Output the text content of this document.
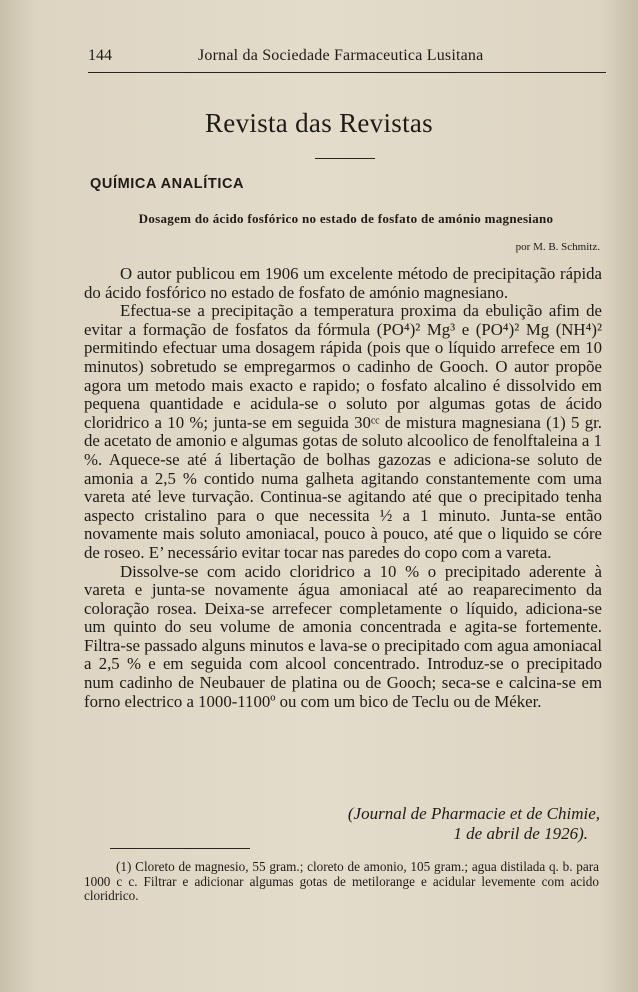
144	Jornal da Sociedade Farmaceutica Lusitana
Revista das Revistas
QUÍMICA ANALÍTICA
Dosagem do ácido fosfórico no estado de fosfato de amónio magnesiano
por M. B. Schmitz.

O autor publicou em 1906 um excelente método de precipitação rápida do ácido fosfórico no estado de fosfato de amónio magnesiano.

Efectua-se a precipitação a temperatura proxima da ebulição afim de evitar a formação de fosfatos da fórmula (PO⁴)² Mg³ e (PO⁴)² Mg (NH⁴)² permitindo efectuar uma dosagem rápida (pois que o líquido arrefece em 10 minutos) sobretudo se empregarmos o cadinho de Gooch. O autor propõe agora um metodo mais exacto e rapido; o fosfato alcalino é dissolvido em pequena quantidade e acidula-se o soluto por algumas gotas de ácido cloridrico a 10 %; junta-se em seguida 30ᶜᶜ de mistura magnesiana (1) 5 gr. de acetato de amonio e algumas gotas de soluto alcoolico de fenolftaleina a 1 %. Aquece-se até á libertação de bolhas gazozas e adiciona-se soluto de amonia a 2,5 % contido numa galheta agitando constantemente com uma vareta até leve turvação. Continua-se agitando até que o precipitado tenha aspecto cristalino para o que necessita ½ a 1 minuto. Junta-se então novamente mais soluto amoniacal, pouco à pouco, até que o liquido se córe de roseo. E’ necessário evitar tocar nas paredes do copo com a vareta.

Dissolve-se com acido cloridrico a 10 % o precipitado aderente à vareta e junta-se novamente água amoniacal até ao reaparecimento da coloração rosea. Deixa-se arrefecer completamente o líquido, adiciona-se um quinto do seu volume de amonia concentrada e agita-se fortemente. Filtra-se passado alguns minutos e lava-se o precipitado com agua amoniacal a 2,5 % e em seguida com alcool concentrado. Introduz-se o precipitado num cadinho de Neubauer de platina ou de Gooch; seca-se e calcina-se em forno electrico a 1000-1100º ou com um bico de Teclu ou de Méker.

(Journal de Pharmacie et de Chimie,
1 de abril de 1926).
(1) Cloreto de magnesio, 55 gram.; cloreto de amonio, 105 gram.; agua distilada q. b. para 1000 c c. Filtrar e adicionar algumas gotas de metilorange e acidular levemente com acido cloridrico.
